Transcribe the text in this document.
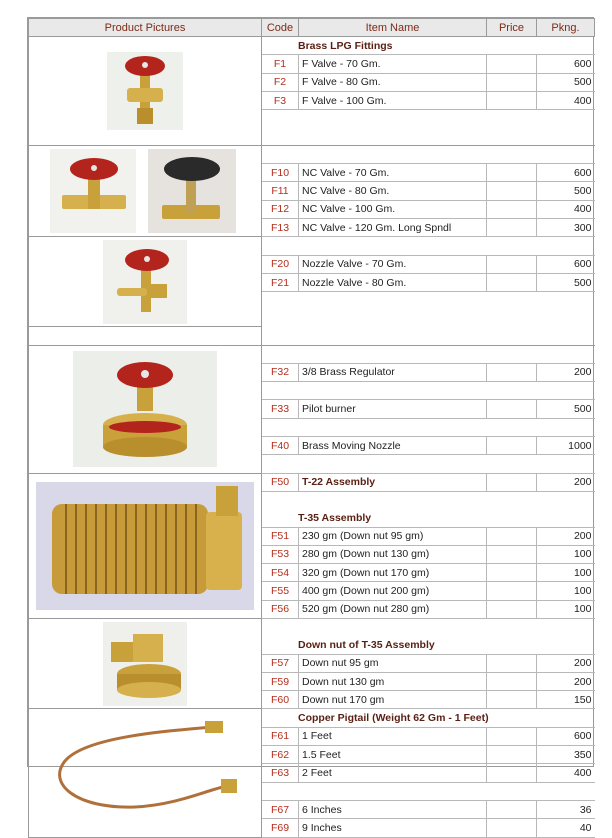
Product Pictures	Code	Item Name	Price	Pkng.

	Brass LPG Fittings			
	F1	F Valve - 70 Gm.		600
	F2	F Valve - 80 Gm.		500
	F3	F Valve - 100 Gm.		400

	F10	NC Valve - 70 Gm.		600
	F11	NC Valve - 80 Gm.		500
	F12	NC Valve - 100 Gm.		400
	F13	NC Valve - 120 Gm. Long Spndl		300

	F20	Nozzle Valve - 70 Gm.		600
	F21	Nozzle Valve - 80 Gm.		500

	F32	3/8 Brass Regulator		200

	F33	Pilot burner		500

	F40	Brass Moving Nozzle		1000

	F50	T-22 Assembly		200

	T-35 Assembly			
	F51	230 gm (Down nut 95 gm)		200
	F53	280 gm (Down nut 130 gm)		100
	F54	320 gm (Down nut 170 gm)		100
	F55	400 gm (Down nut 200 gm)		100
	F56	520 gm (Down nut 280 gm)		100

	Down nut of T-35 Assembly			
	F57	Down nut 95 gm		200
	F59	Down nut 130 gm		200
	F60	Down nut 170 gm		150

	Copper Pigtail (Weight 62 Gm - 1 Feet)			
	F61	1 Feet		600
	F62	1.5 Feet		350
	F63	2 Feet		400

	F67	6 Inches		36
	F69	9 Inches		40
